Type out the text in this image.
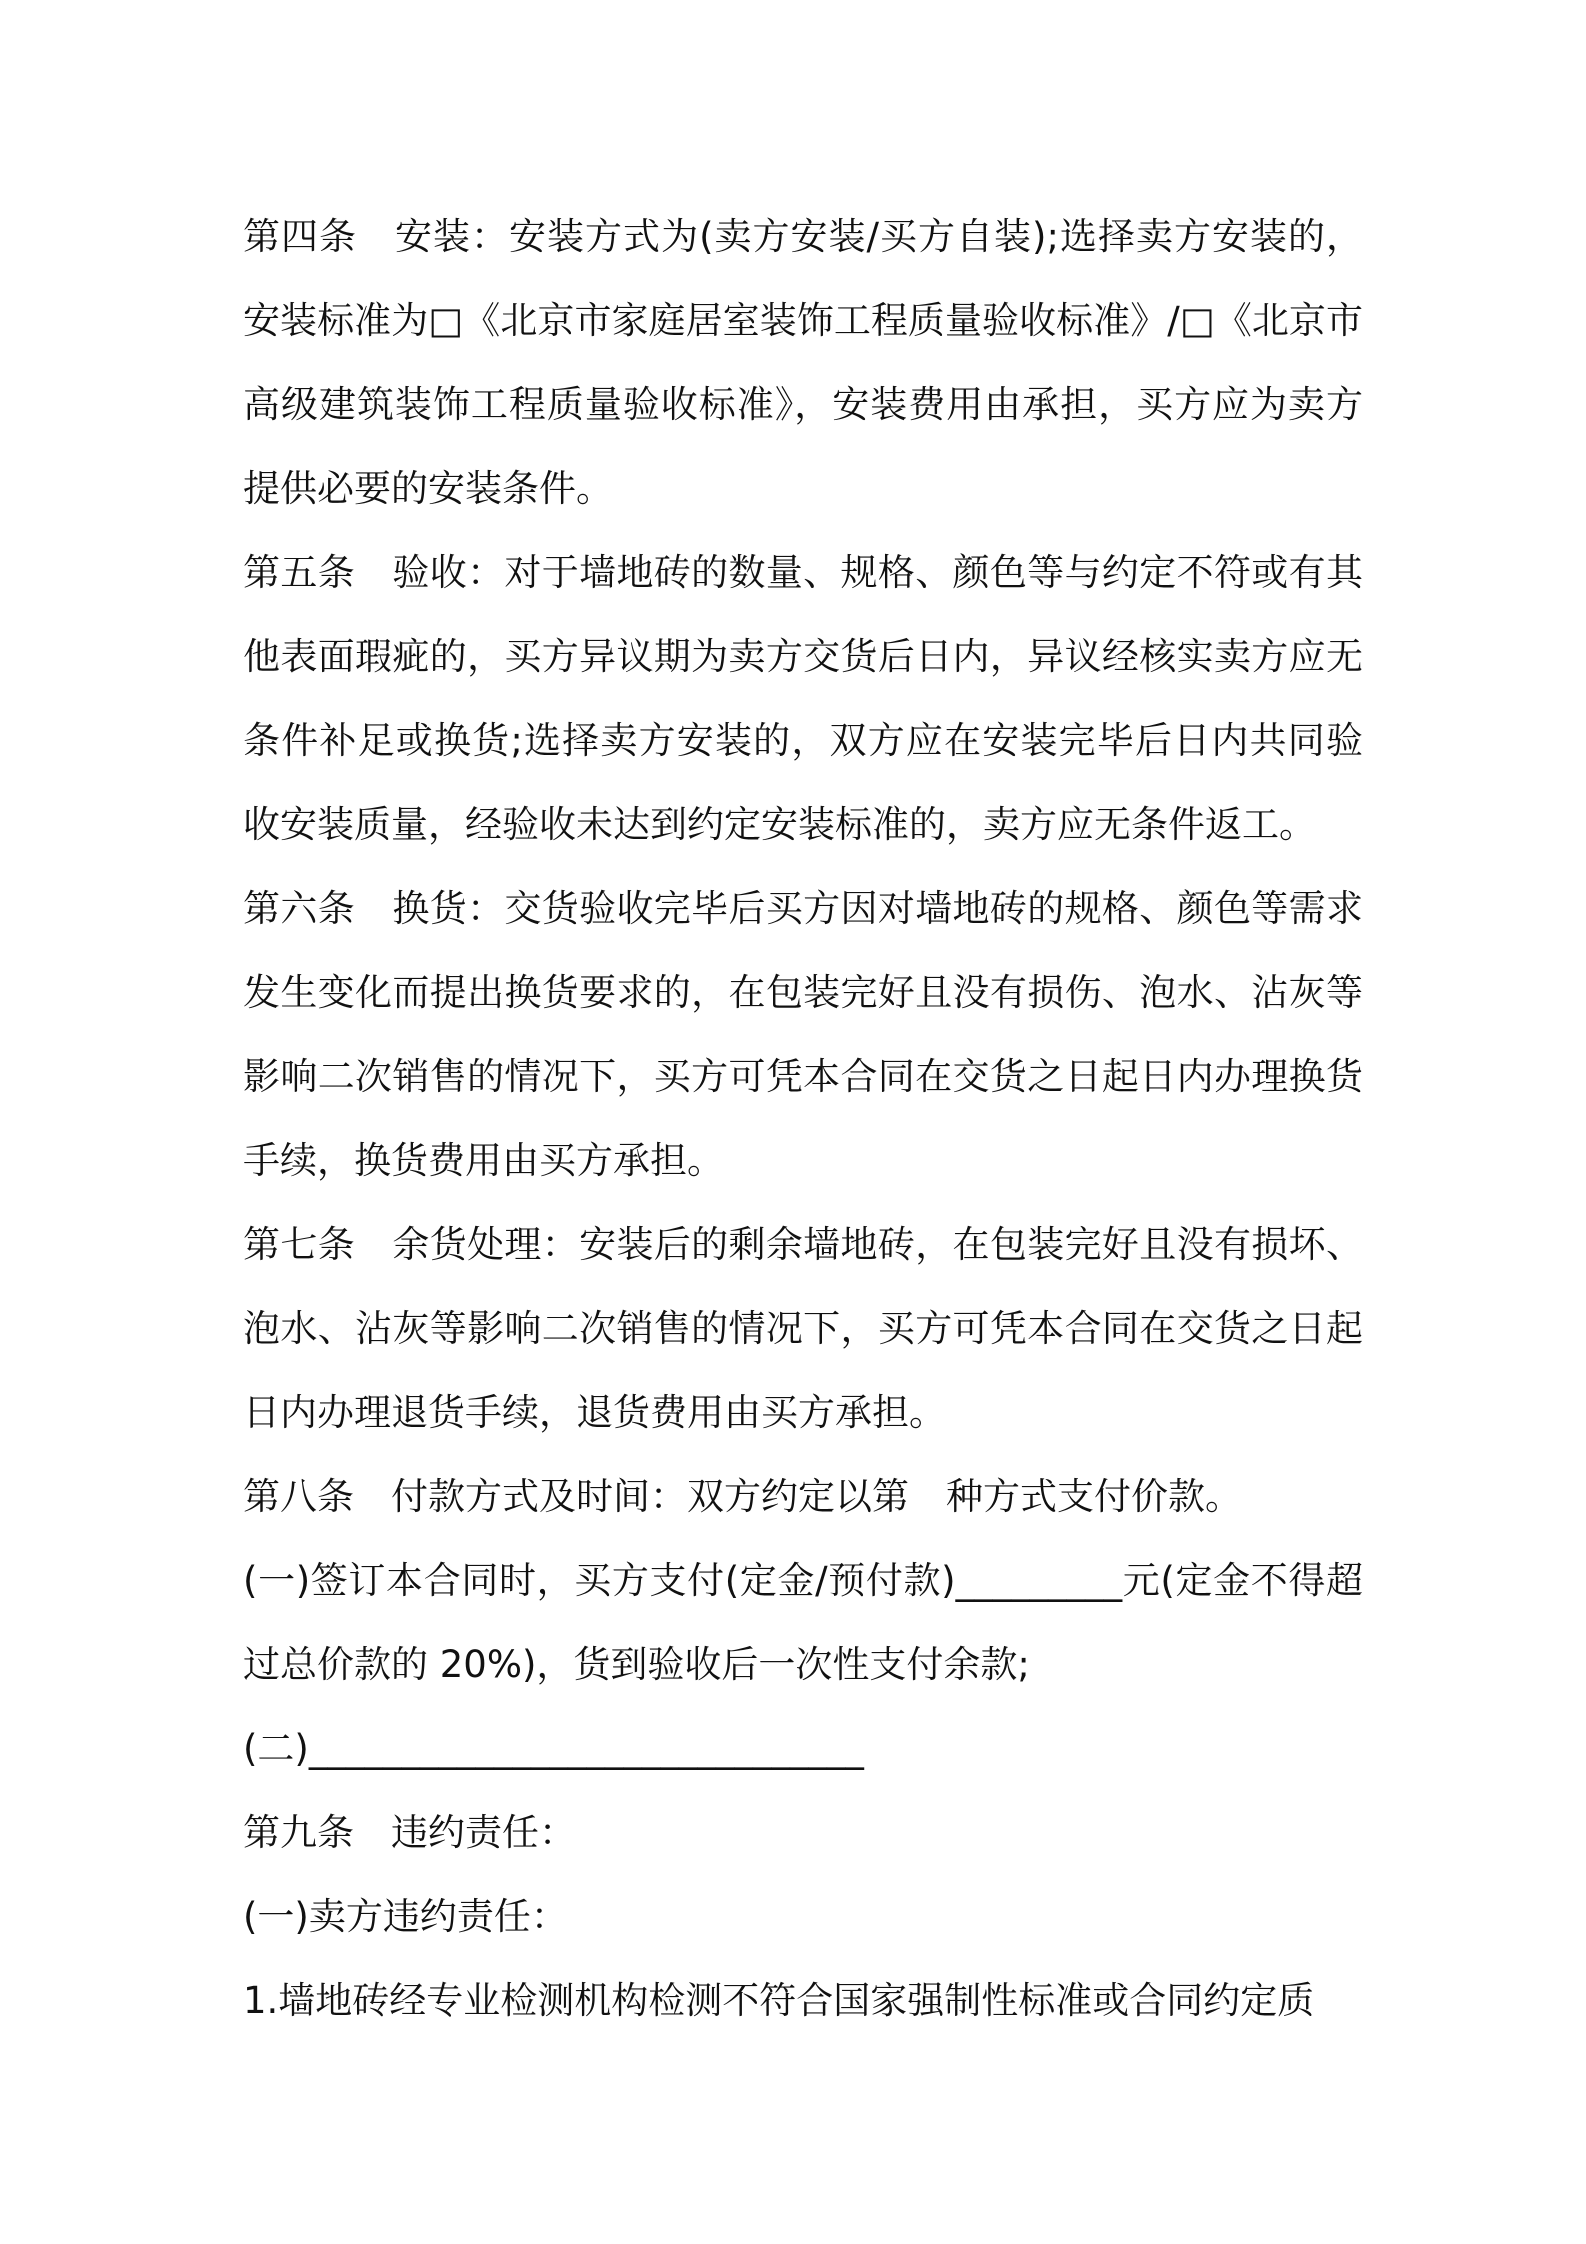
第四条　安装：安装方式为(卖方安装/买方自装);选择卖方安装的，安装标准为□《北京市家庭居室装饰工程质量验收标准》/□《北京市高级建筑装饰工程质量验收标准》，安装费用由承担，买方应为卖方提供必要的安装条件。

第五条　验收：对于墙地砖的数量、规格、颜色等与约定不符或有其他表面瑕疵的，买方异议期为卖方交货后日内，异议经核实卖方应无条件补足或换货;选择卖方安装的，双方应在安装完毕后日内共同验收安装质量，经验收未达到约定安装标准的，卖方应无条件返工。

第六条　换货：交货验收完毕后买方因对墙地砖的规格、颜色等需求发生变化而提出换货要求的，在包装完好且没有损伤、泡水、沾灰等影响二次销售的情况下，买方可凭本合同在交货之日起日内办理换货手续，换货费用由买方承担。

第七条　余货处理：安装后的剩余墙地砖，在包装完好且没有损坏、泡水、沾灰等影响二次销售的情况下，买方可凭本合同在交货之日起日内办理退货手续，退货费用由买方承担。

第八条　付款方式及时间：双方约定以第　种方式支付价款。

(一)签订本合同时，买方支付(定金/预付款)_________元(定金不得超过总价款的 20%)，货到验收后一次性支付余款;

(二)______________________________

第九条　违约责任：

(一)卖方违约责任：

1.墙地砖经专业检测机构检测不符合国家强制性标准或合同约定质
